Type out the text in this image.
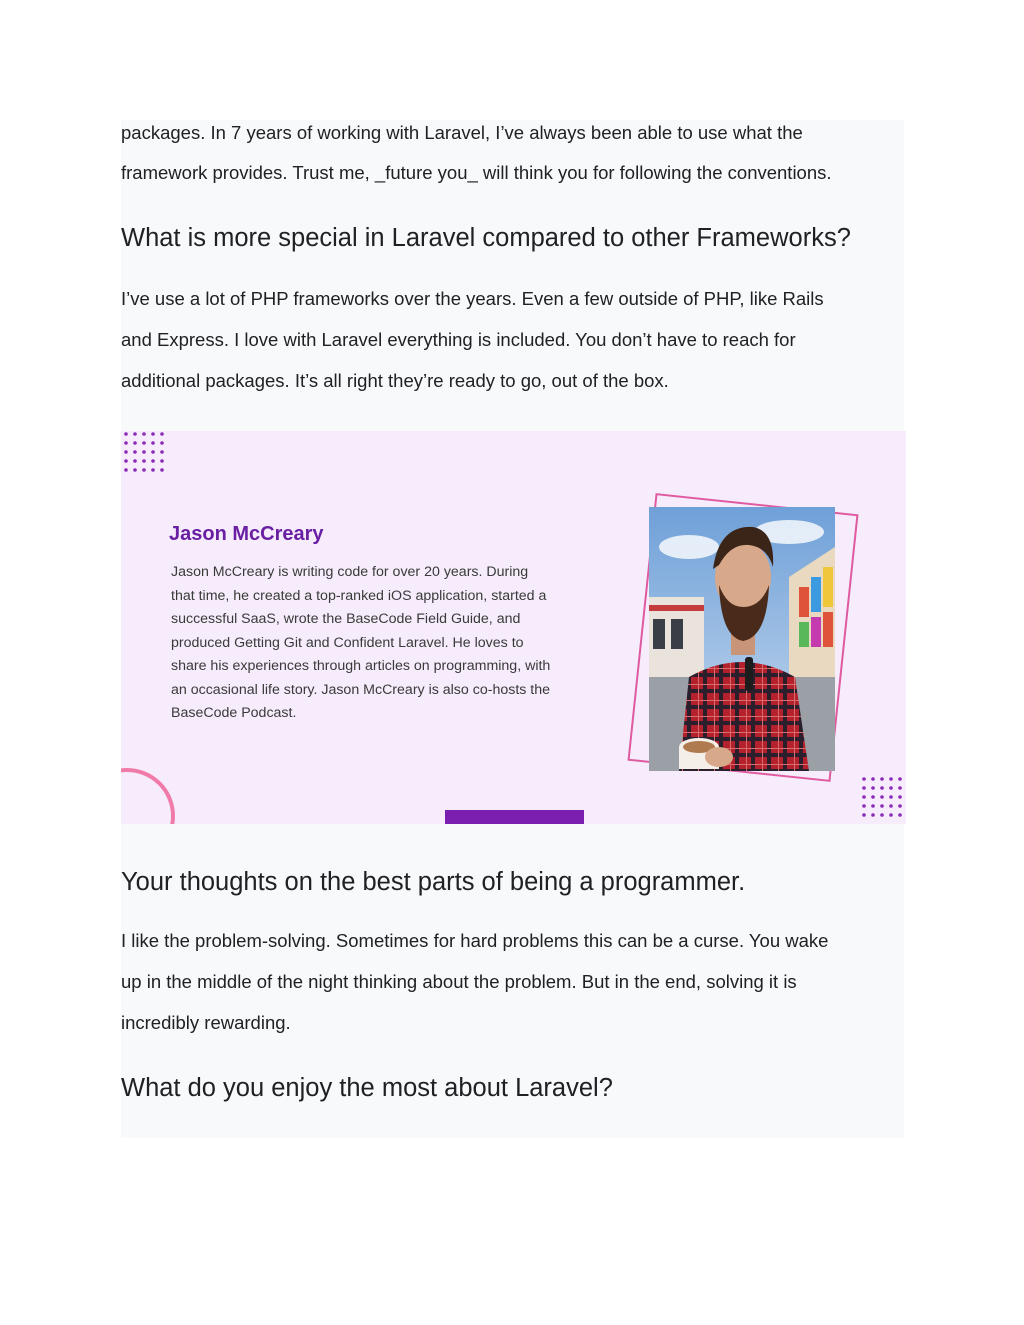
packages. In 7 years of working with Laravel, I’ve always been able to use what the

framework provides. Trust me, _future you_ will think you for following the conventions.

What is more special in Laravel compared to other Frameworks?

I’ve use a lot of PHP frameworks over the years. Even a few outside of PHP, like Rails

and Express. I love with Laravel everything is included. You don’t have to reach for

additional packages. It’s all right they’re ready to go, out of the box.

Your thoughts on the best parts of being a programmer.

I like the problem-solving. Sometimes for hard problems this can be a curse. You wake

up in the middle of the night thinking about the problem. But in the end, solving it is

incredibly rewarding.

What do you enjoy the most about Laravel?
Jason McCreary
Jason McCreary is writing code for over 20 years. During
that time, he created a top-ranked iOS application, started a
successful SaaS, wrote the BaseCode Field Guide, and
produced Getting Git and Confident Laravel. He loves to
share his experiences through articles on programming, with
an occasional life story. Jason McCreary is also co-hosts the
BaseCode Podcast.
